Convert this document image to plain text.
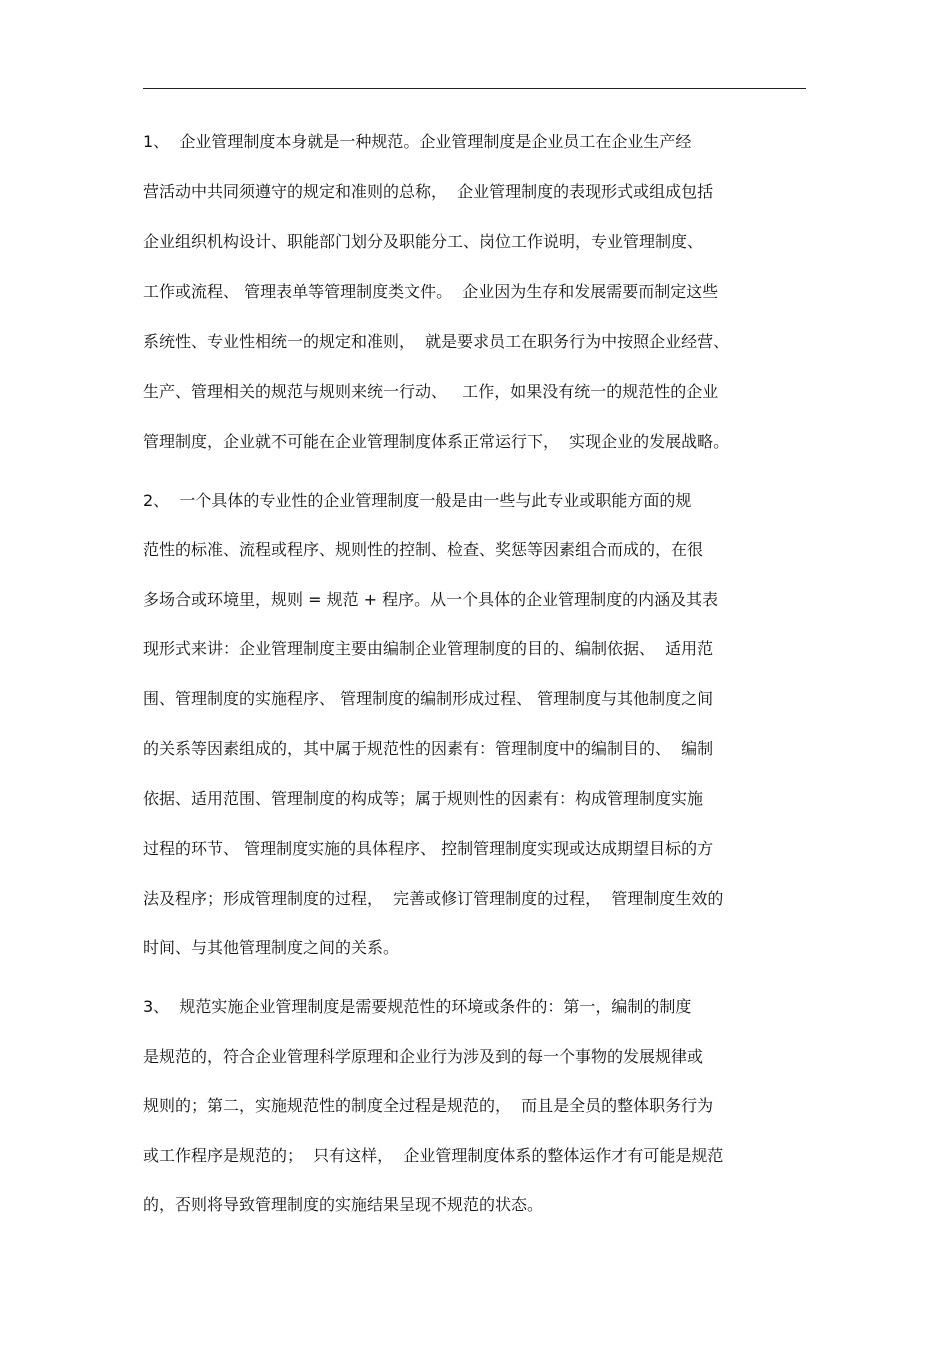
1、  企业管理制度本身就是一种规范。企业管理制度是企业员工在企业生产经
营活动中共同须遵守的规定和准则的总称，  企业管理制度的表现形式或组成包括
企业组织机构设计、职能部门划分及职能分工、岗位工作说明，专业管理制度、
工作或流程、 管理表单等管理制度类文件。  企业因为生存和发展需要而制定这些
系统性、专业性相统一的规定和准则，  就是要求员工在职务行为中按照企业经营、
生产、管理相关的规范与规则来统一行动、   工作，如果没有统一的规范性的企业
管理制度，企业就不可能在企业管理制度体系正常运行下，  实现企业的发展战略。
2、  一个具体的专业性的企业管理制度一般是由一些与此专业或职能方面的规
范性的标准、流程或程序、规则性的控制、检查、奖惩等因素组合而成的，在很
多场合或环境里，规则 = 规范 + 程序。从一个具体的企业管理制度的内涵及其表
现形式来讲：企业管理制度主要由编制企业管理制度的目的、编制依据、  适用范
围、管理制度的实施程序、 管理制度的编制形成过程、 管理制度与其他制度之间
的关系等因素组成的，其中属于规范性的因素有：管理制度中的编制目的、  编制
依据、适用范围、管理制度的构成等；属于规则性的因素有：构成管理制度实施
过程的环节、 管理制度实施的具体程序、 控制管理制度实现或达成期望目标的方
法及程序；形成管理制度的过程，  完善或修订管理制度的过程，  管理制度生效的
时间、与其他管理制度之间的关系。
3、  规范实施企业管理制度是需要规范性的环境或条件的：第一，编制的制度
是规范的，符合企业管理科学原理和企业行为涉及到的每一个事物的发展规律或
规则的；第二，实施规范性的制度全过程是规范的，  而且是全员的整体职务行为
或工作程序是规范的；  只有这样，  企业管理制度体系的整体运作才有可能是规范
的，否则将导致管理制度的实施结果呈现不规范的状态。
